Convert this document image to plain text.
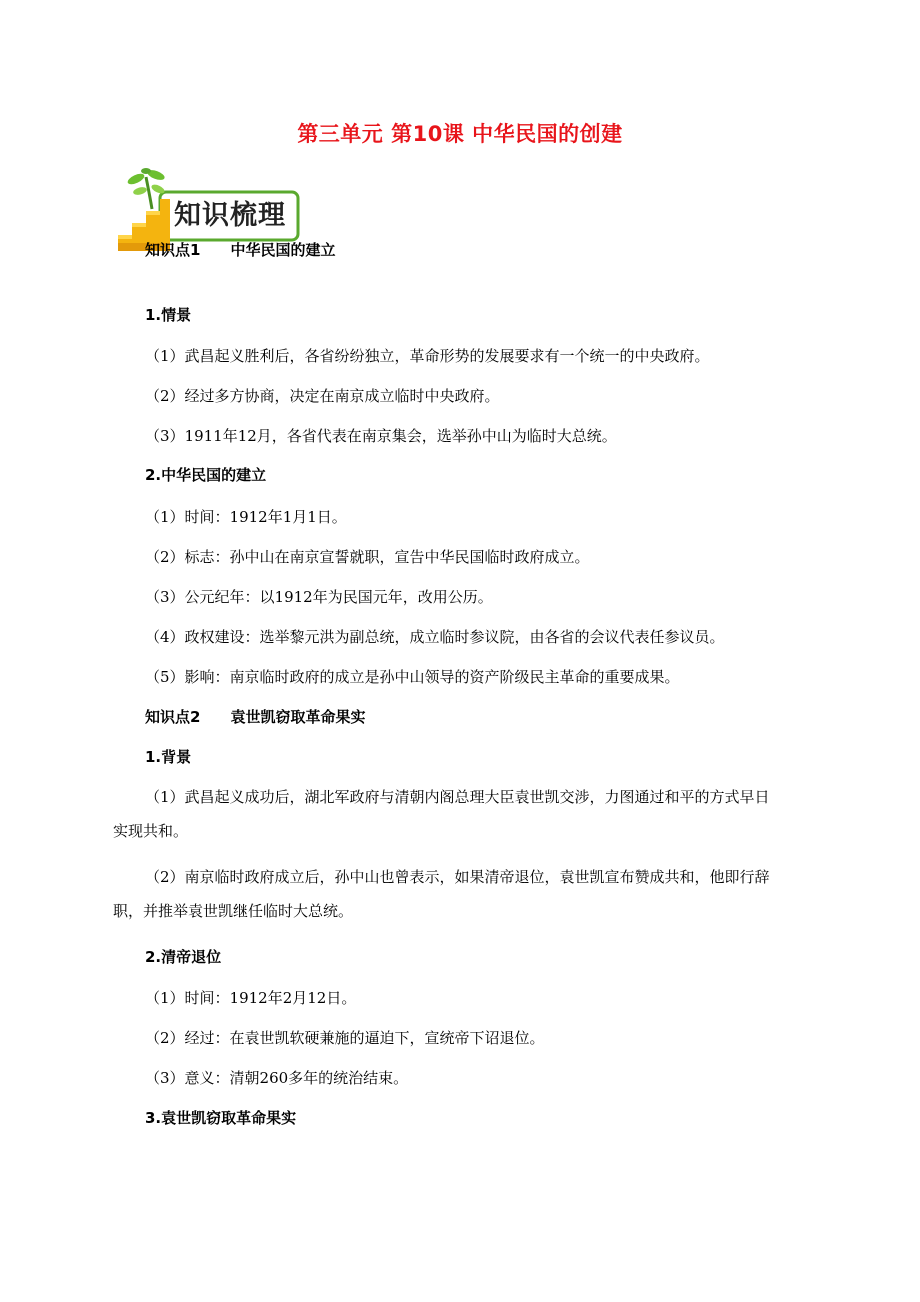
第三单元 第10课 中华民国的创建
知识梳理
知识点1 中华民国的建立
1.情景
（1）武昌起义胜利后，各省纷纷独立，革命形势的发展要求有一个统一的中央政府。
（2）经过多方协商，决定在南京成立临时中央政府。
（3）1911年12月，各省代表在南京集会，选举孙中山为临时大总统。
2.中华民国的建立
（1）时间：1912年1月1日。
（2）标志：孙中山在南京宣誓就职，宣告中华民国临时政府成立。
（3）公元纪年：以1912年为民国元年，改用公历。
（4）政权建设：选举黎元洪为副总统，成立临时参议院，由各省的会议代表任参议员。
（5）影响：南京临时政府的成立是孙中山领导的资产阶级民主革命的重要成果。
知识点2 袁世凯窃取革命果实
1.背景
（1）武昌起义成功后，湖北军政府与清朝内阁总理大臣袁世凯交涉，力图通过和平的方式早日实现共和。
（2）南京临时政府成立后，孙中山也曾表示，如果清帝退位，袁世凯宣布赞成共和，他即行辞职，并推举袁世凯继任临时大总统。
2.清帝退位
（1）时间：1912年2月12日。
（2）经过：在袁世凯软硬兼施的逼迫下，宣统帝下诏退位。
（3）意义：清朝260多年的统治结束。
3.袁世凯窃取革命果实
